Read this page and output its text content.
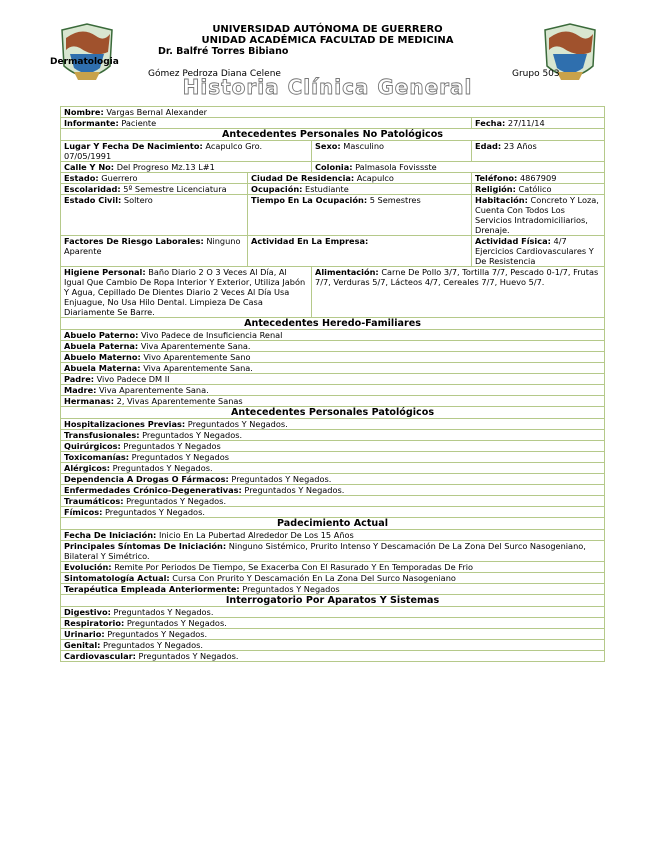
Dermatologia
UNIVERSIDAD AUTÓNOMA DE GUERRERO
UNIDAD ACADÉMICA FACULTAD DE MEDICINA
Dr. Balfré Torres Bibiano
Gómez Pedroza Diana Celene	Grupo 503
Historia Clínica General
Nombre: Vargas Bernal Alexander			
Informante: Paciente			Fecha: 27/11/14
Antecedentes Personales No Patológicos			
Lugar Y Fecha De Nacimiento: Acapulco Gro. 07/05/1991		Sexo: Masculino	Edad: 23 Años
Calle Y No: Del Progreso Mz.13 L#1		Colonia: Palmasola Fovissste	
Estado: Guerrero	Ciudad De Residencia: Acapulco		Teléfono: 4867909
Escolaridad: 5º Semestre Licenciatura	Ocupación: Estudiante		Religión: Católico
Estado Civil: Soltero	Tiempo En La Ocupación: 5 Semestres		Habitación: Concreto Y Loza, Cuenta Con Todos Los Servicios Intradomiciliarios, Drenaje.
Factores De Riesgo Laborales: Ninguno Aparente	Actividad En La Empresa:		Actividad Física: 4/7 Ejercicios Cardiovasculares Y De Resistencia
Higiene Personal: Baño Diario 2 O 3 Veces Al Día, Al Igual Que Cambio De Ropa Interior Y Exterior, Utiliza Jabón Y Agua, Cepillado De Dientes Diario 2 Veces Al Día Usa Enjuague, No Usa Hilo Dental. Limpieza De Casa Diariamente Se Barre.		Alimentación: Carne De Pollo 3/7, Tortilla 7/7, Pescado 0-1/7, Frutas 7/7, Verduras 5/7, Lácteos 4/7, Cereales 7/7, Huevo 5/7.	
Antecedentes Heredo-Familiares			
Abuelo Paterno: Vivo Padece de Insuficiencia Renal			
Abuela Paterna: Viva Aparentemente Sana.			
Abuelo Materno: Vivo Aparentemente Sano			
Abuela Materna: Viva Aparentemente Sana.			
Padre: Vivo Padece DM II			
Madre: Viva Aparentemente Sana.			
Hermanas: 2, Vivas Aparentemente Sanas			
Antecedentes Personales Patológicos			
Hospitalizaciones Previas: Preguntados Y Negados.			
Transfusionales: Preguntados Y Negados.			
Quirúrgicos: Preguntados Y Negados			
Toxicomanías: Preguntados Y Negados			
Alérgicos: Preguntados Y Negados.			
Dependencia A Drogas O Fármacos: Preguntados Y Negados.			
Enfermedades Crónico-Degenerativas: Preguntados Y Negados.			
Traumáticos: Preguntados Y Negados.			
Fímicos: Preguntados Y Negados.			
Padecimiento Actual			
Fecha De Iniciación: Inicio En La Pubertad Alrededor De Los 15 Años			
Principales Síntomas De Iniciación: Ninguno Sistémico, Prurito Intenso Y Descamación De La Zona Del Surco Nasogeniano, Bilateral Y Simétrico.			
Evolución: Remite Por Periodos De Tiempo, Se Exacerba Con El Rasurado Y En Temporadas De Frio			
Sintomatología Actual: Cursa Con Prurito Y Descamación En La Zona Del Surco Nasogeniano			
Terapéutica Empleada Anteriormente: Preguntados Y Negados			
Interrogatorio Por Aparatos Y Sistemas			
Digestivo: Preguntados Y Negados.			
Respiratorio: Preguntados Y Negados.			
Urinario: Preguntados Y Negados.			
Genital: Preguntados Y Negados.			
Cardiovascular: Preguntados Y Negados.			
